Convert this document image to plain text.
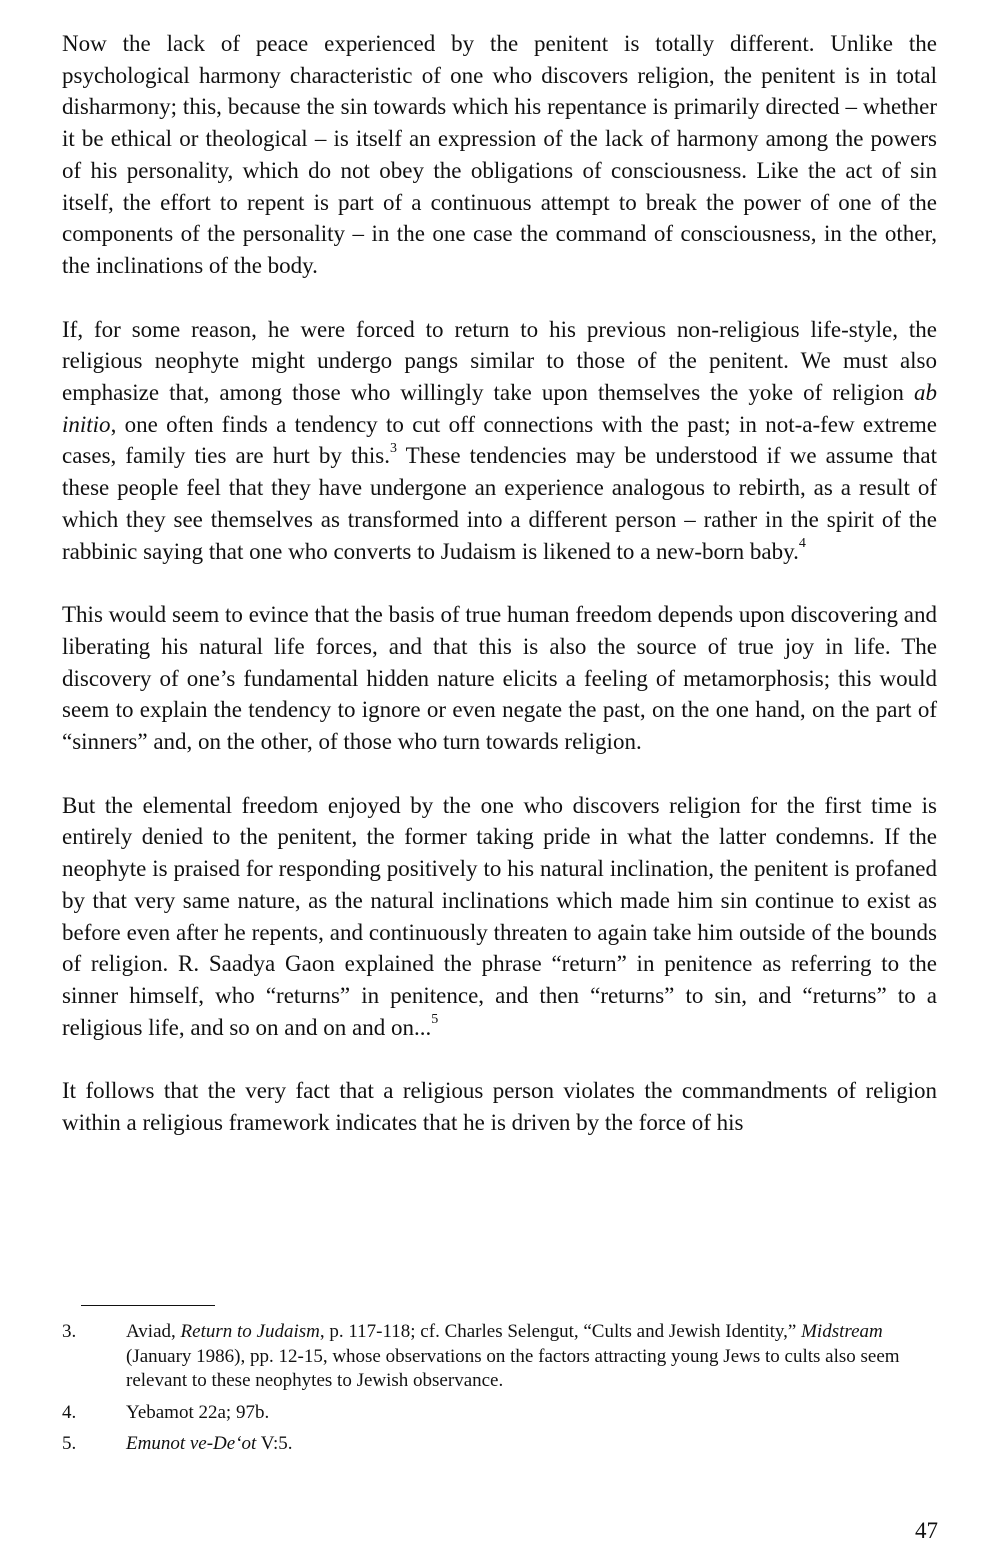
Now the lack of peace experienced by the penitent is totally different. Unlike the psychological harmony characteristic of one who discovers religion, the penitent is in total disharmony; this, because the sin towards which his repentance is primarily directed – whether it be ethical or theological – is itself an expression of the lack of harmony among the powers of his personality, which do not obey the obligations of consciousness. Like the act of sin itself, the effort to repent is part of a continuous attempt to break the power of one of the components of the personality – in the one case the command of consciousness, in the other, the inclinations of the body.

If, for some reason, he were forced to return to his previous non-religious life-style, the religious neophyte might undergo pangs similar to those of the penitent. We must also emphasize that, among those who willingly take upon themselves the yoke of religion ab initio, one often finds a tendency to cut off connections with the past; in not-a-few extreme cases, family ties are hurt by this.$^3$ These tendencies may be understood if we assume that these people feel that they have undergone an experience analogous to rebirth, as a result of which they see themselves as transformed into a different person – rather in the spirit of the rabbinic saying that one who converts to Judaism is likened to a new-born baby.$^4$

This would seem to evince that the basis of true human freedom depends upon discovering and liberating his natural life forces, and that this is also the source of true joy in life. The discovery of one’s fundamental hidden nature elicits a feeling of metamorphosis; this would seem to explain the tendency to ignore or even negate the past, on the one hand, on the part of “sinners” and, on the other, of those who turn towards religion.

But the elemental freedom enjoyed by the one who discovers religion for the first time is entirely denied to the penitent, the former taking pride in what the latter condemns. If the neophyte is praised for responding positively to his natural inclination, the penitent is profaned by that very same nature, as the natural inclinations which made him sin continue to exist as before even after he repents, and continuously threaten to again take him outside of the bounds of religion. R. Saadya Gaon explained the phrase “return” in penitence as referring to the sinner himself, who “returns” in penitence, and then “returns” to sin, and “returns” to a religious life, and so on and on and on...$^5$

It follows that the very fact that a religious person violates the commandments of religion within a religious framework indicates that he is driven by the force of his

3.	Aviad, Return to Judaism, p. 117-118; cf. Charles Selengut, “Cults and Jewish Identity,” Midstream (January 1986), pp. 12-15, whose observations on the factors attracting young Jews to cults also seem relevant to these neophytes to Jewish observance.
4.	Yebamot 22a; 97b.
5.	Emunot ve-De‘ot V:5.
47
